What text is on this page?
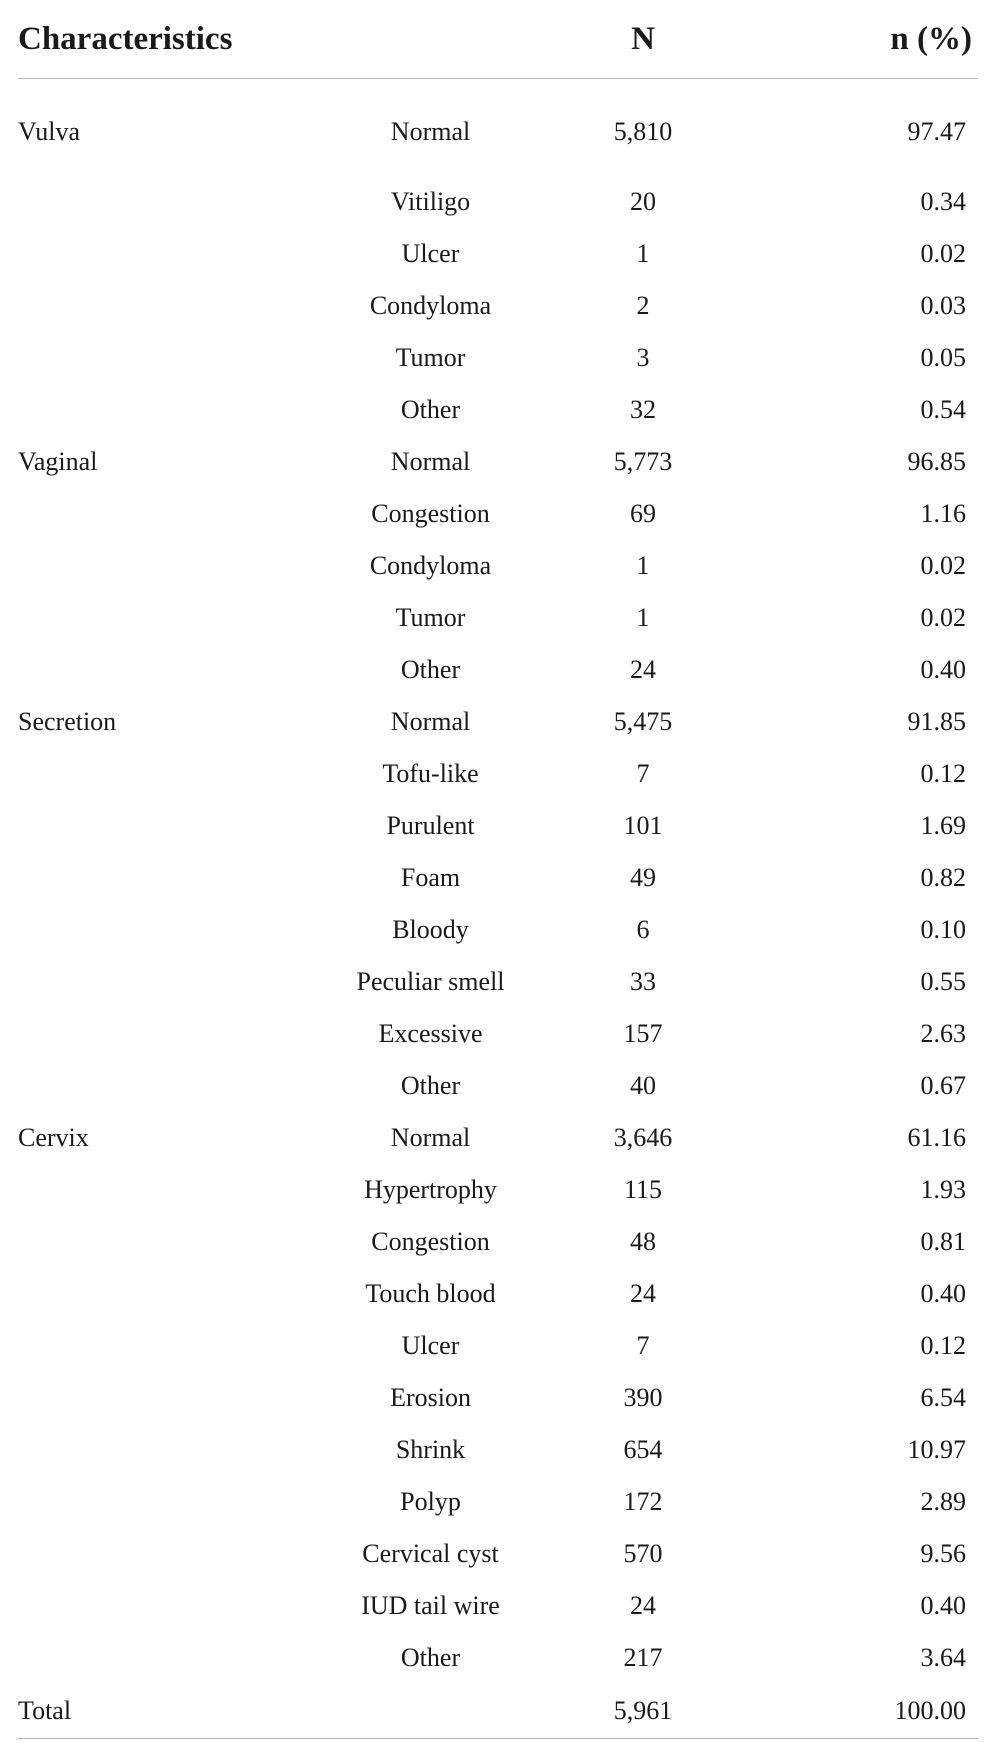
Characteristics		N	n (%)
Vulva	Normal	5,810	97.47
	Vitiligo	20	0.34
	Ulcer	1	0.02
	Condyloma	2	0.03
	Tumor	3	0.05
	Other	32	0.54
Vaginal	Normal	5,773	96.85
	Congestion	69	1.16
	Condyloma	1	0.02
	Tumor	1	0.02
	Other	24	0.40
Secretion	Normal	5,475	91.85
	Tofu-like	7	0.12
	Purulent	101	1.69
	Foam	49	0.82
	Bloody	6	0.10
	Peculiar smell	33	0.55
	Excessive	157	2.63
	Other	40	0.67
Cervix	Normal	3,646	61.16
	Hypertrophy	115	1.93
	Congestion	48	0.81
	Touch blood	24	0.40
	Ulcer	7	0.12
	Erosion	390	6.54
	Shrink	654	10.97
	Polyp	172	2.89
	Cervical cyst	570	9.56
	IUD tail wire	24	0.40
	Other	217	3.64
Total		5,961	100.00
